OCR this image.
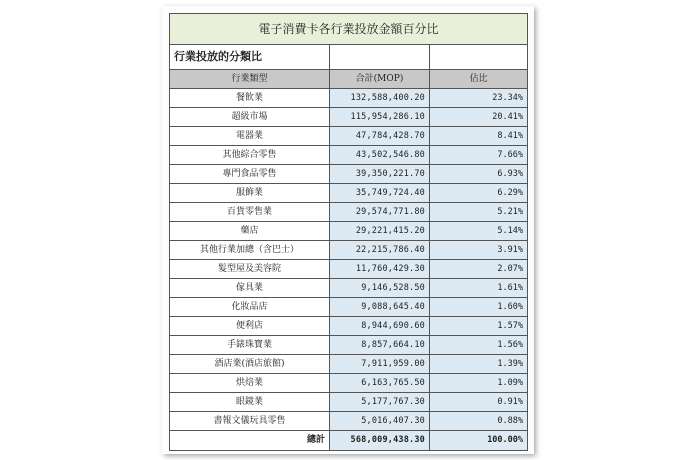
電子消費卡各行業投放金額百分比		
行業投放的分類比		
行業類型	合計(MOP)	佔比
餐飲業	132,588,400.20	23.34%
超級市場	115,954,286.10	20.41%
電器業	47,784,428.70	8.41%
其他綜合零售	43,502,546.80	7.66%
專門食品零售	39,350,221.70	6.93%
服飾業	35,749,724.40	6.29%
百貨零售業	29,574,771.80	5.21%
藥店	29,221,415.20	5.14%
其他行業加總（含巴士）	22,215,786.40	3.91%
髮型屋及美容院	11,760,429.30	2.07%
傢具業	9,146,528.50	1.61%
化妝品店	9,088,645.40	1.60%
便利店	8,944,690.60	1.57%
手錶珠寶業	8,857,664.10	1.56%
酒店業(酒店旅館)	7,911,959.00	1.39%
烘焙業	6,163,765.50	1.09%
眼鏡業	5,177,767.30	0.91%
書報文儀玩具零售	5,016,407.30	0.88%
總計	568,009,438.30	100.00%
